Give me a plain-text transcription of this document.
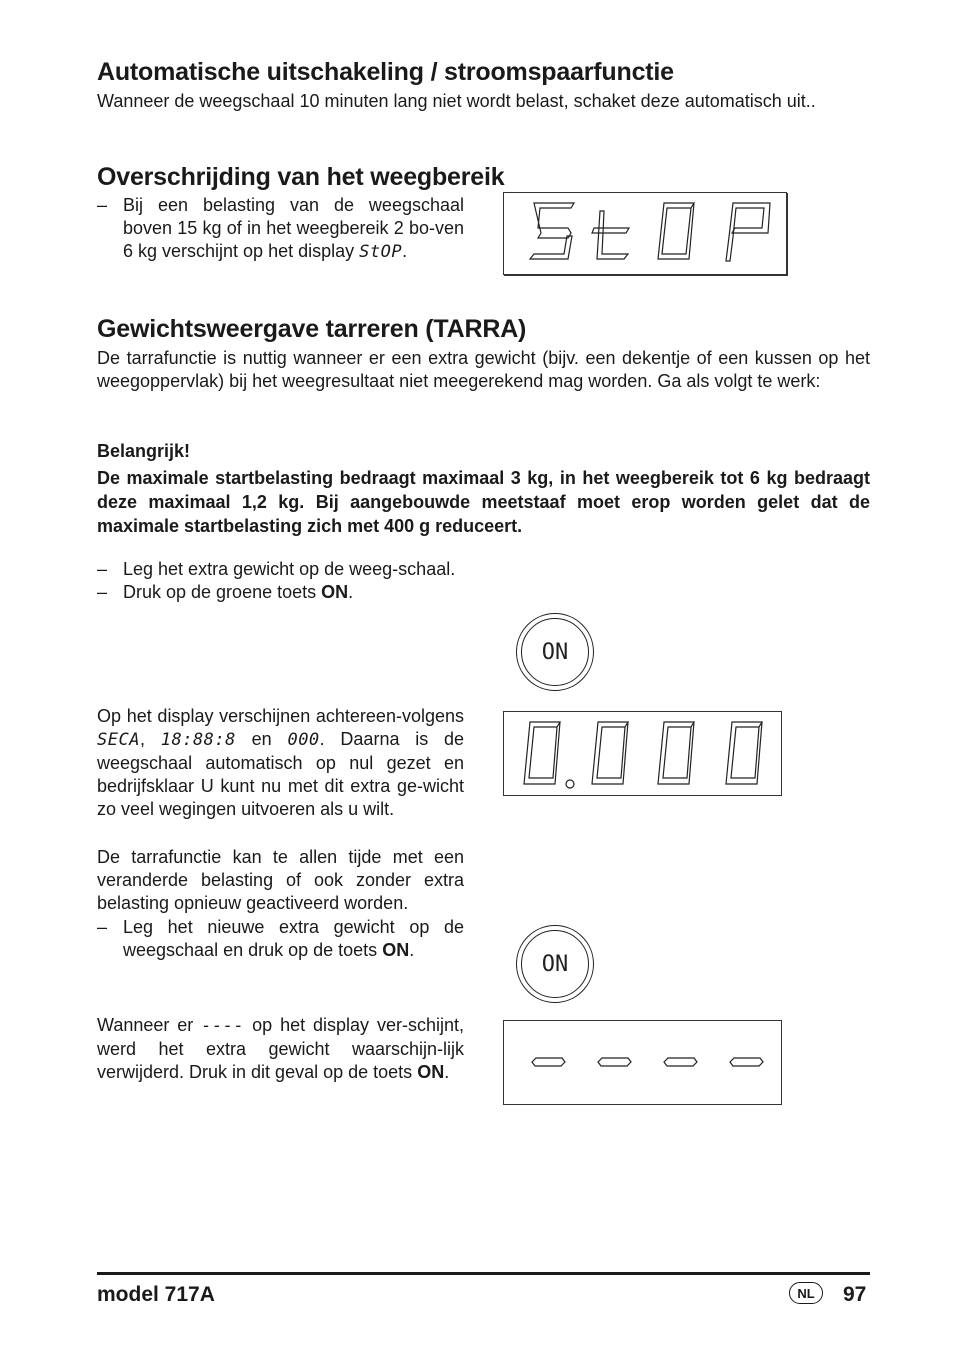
Automatische uitschakeling / stroomspaarfunctie

Wanneer de weegschaal 10 minuten lang niet wordt belast, schaket deze automatisch uit..

Overschrijding van het weegbereik
– Bij een belasting van de weegschaal boven 15 kg of in het weegbereik 2 bo-ven 6 kg verschijnt op het display StOP.
Gewichtsweergave tarreren (TARRA)

De tarrafunctie is nuttig wanneer er een extra gewicht (bijv. een dekentje of een kussen op het weegoppervlak) bij het weegresultaat niet meegerekend mag worden. Ga als volgt te werk:

Belangrijk!

De maximale startbelasting bedraagt maximaal 3 kg, in het weegbereik tot 6 kg bedraagt deze maximaal 1,2 kg. Bij aangebouwde meetstaaf moet erop worden gelet dat de maximale startbelasting zich met 400 g reduceert.

– Leg het extra gewicht op de weeg-schaal.
– Druk op de groene toets ON.
ON

Op het display verschijnen achtereen-volgens SECA, 18:88:8 en 000. Daarna is de weegschaal automatisch op nul gezet en bedrijfsklaar U kunt nu met dit extra ge-wicht zo veel wegingen uitvoeren als u wilt.

De tarrafunctie kan te allen tijde met een veranderde belasting of ook zonder extra belasting opnieuw geactiveerd worden.

– Leg het nieuwe extra gewicht op de weegschaal en druk op de toets ON.
ON

Wanneer er ---- op het display ver-schijnt, werd het extra gewicht waarschijn-lijk verwijderd. Druk in dit geval op de toets ON.

model 717A	NL	97
